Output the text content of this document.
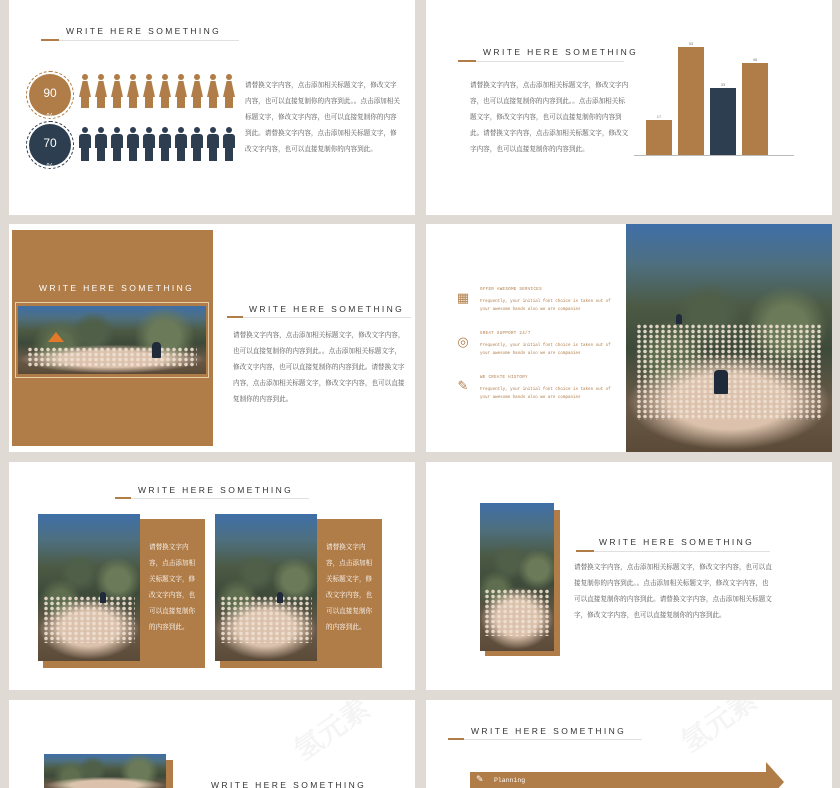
WRITE HERE SOMETHING
90
%
70
%
请替换文字内容，点击添加相关标题文字，修改文字内容，也可以直接复制你的内容到此。。点击添加相关标题文字，修改文字内容，也可以直接复制你的内容到此。请替换文字内容，点击添加相关标题文字，修改文字内容，也可以直接复制你的内容到此。
WRITE HERE SOMETHING
请替换文字内容，点击添加相关标题文字，修改文字内容，也可以直接复制你的内容到此。。点击添加相关标题文字，修改文字内容，也可以直接复制你的内容到此。请替换文字内容，点击添加相关标题文字，修改文字内容，也可以直接复制你的内容到此。
17
53
33
45
WRITE HERE SOMETHING
WRITE HERE SOMETHING
请替换文字内容，点击添加相关标题文字，修改文字内容，也可以直接复制你的内容到此。。点击添加相关标题文字，修改文字内容，也可以直接复制你的内容到此。请替换文字内容，点击添加相关标题文字，修改文字内容，也可以直接复制你的内容到此。
▦	OFFER AWESOME SERVICES
Frequently, your initial font choice is taken out of your awesome hands also we are companies
◎	GREAT SUPPORT 24/7
Frequently, your initial font choice is taken out of your awesome hands also we are companies
✎	WE CREATE HISTORY
Frequently, your initial font choice is taken out of your awesome hands also we are companies
WRITE HERE SOMETHING
请替换文字内容，点击添加相关标题文字，修改文字内容，也可以直接复制你的内容到此。
请替换文字内容，点击添加相关标题文字，修改文字内容，也可以直接复制你的内容到此。
WRITE HERE SOMETHING
请替换文字内容，点击添加相关标题文字，修改文字内容，也可以直接复制你的内容到此。。点击添加相关标题文字，修改文字内容，也可以直接复制你的内容到此。请替换文字内容，点击添加相关标题文字，修改文字内容，也可以直接复制你的内容到此。
WRITE HERE SOMETHING
WRITE HERE SOMETHING
✎ Planning
